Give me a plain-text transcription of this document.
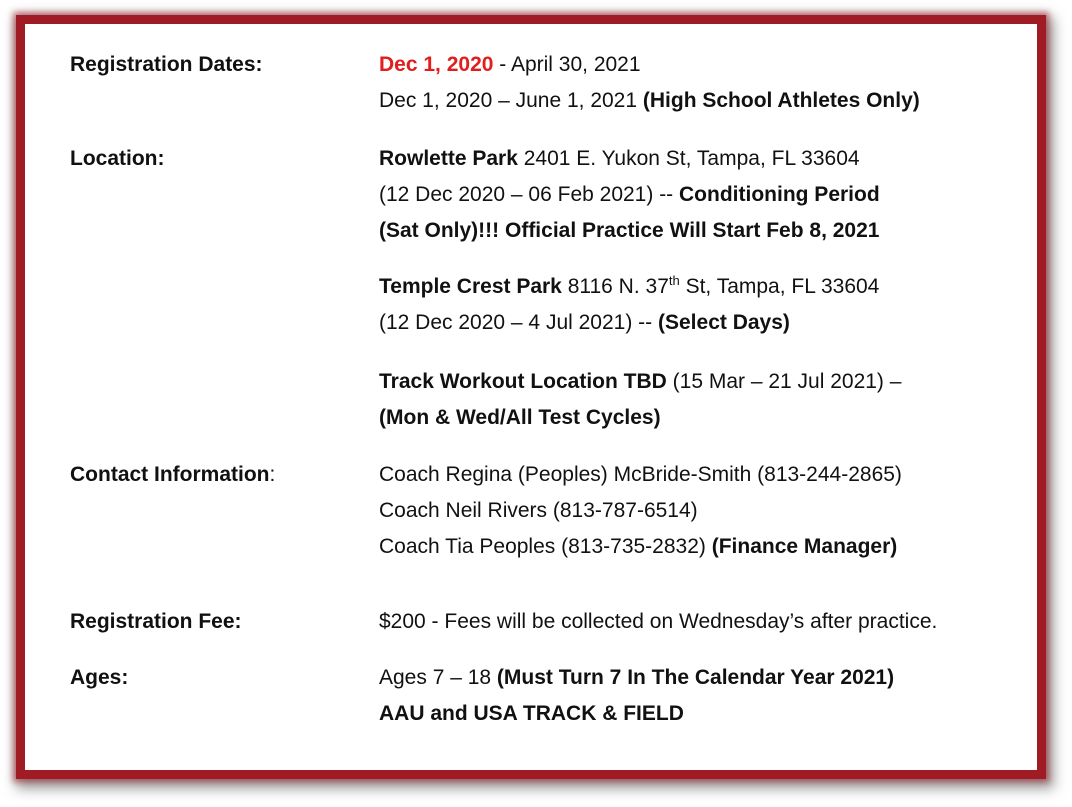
Registration Dates:	Dec 1, 2020 - April 30, 2021
Dec 1, 2020 – June 1, 2021 (High School Athletes Only)
Location:	Rowlette Park 2401 E. Yukon St, Tampa, FL 33604
(12 Dec 2020 – 06 Feb 2021) -- Conditioning Period
(Sat Only)!!! Official Practice Will Start Feb 8, 2021
Temple Crest Park 8116 N. 37th St, Tampa, FL 33604
(12 Dec 2020 – 4 Jul 2021) -- (Select Days)
Track Workout Location TBD (15 Mar – 21 Jul 2021) –
(Mon & Wed/All Test Cycles)
Contact Information:	Coach Regina (Peoples) McBride-Smith (813-244-2865)
Coach Neil Rivers (813-787-6514)
Coach Tia Peoples (813-735-2832) (Finance Manager)
Registration Fee:	$200 - Fees will be collected on Wednesday’s after practice.
Ages:	Ages 7 – 18 (Must Turn 7 In The Calendar Year 2021)
AAU and USA TRACK & FIELD
